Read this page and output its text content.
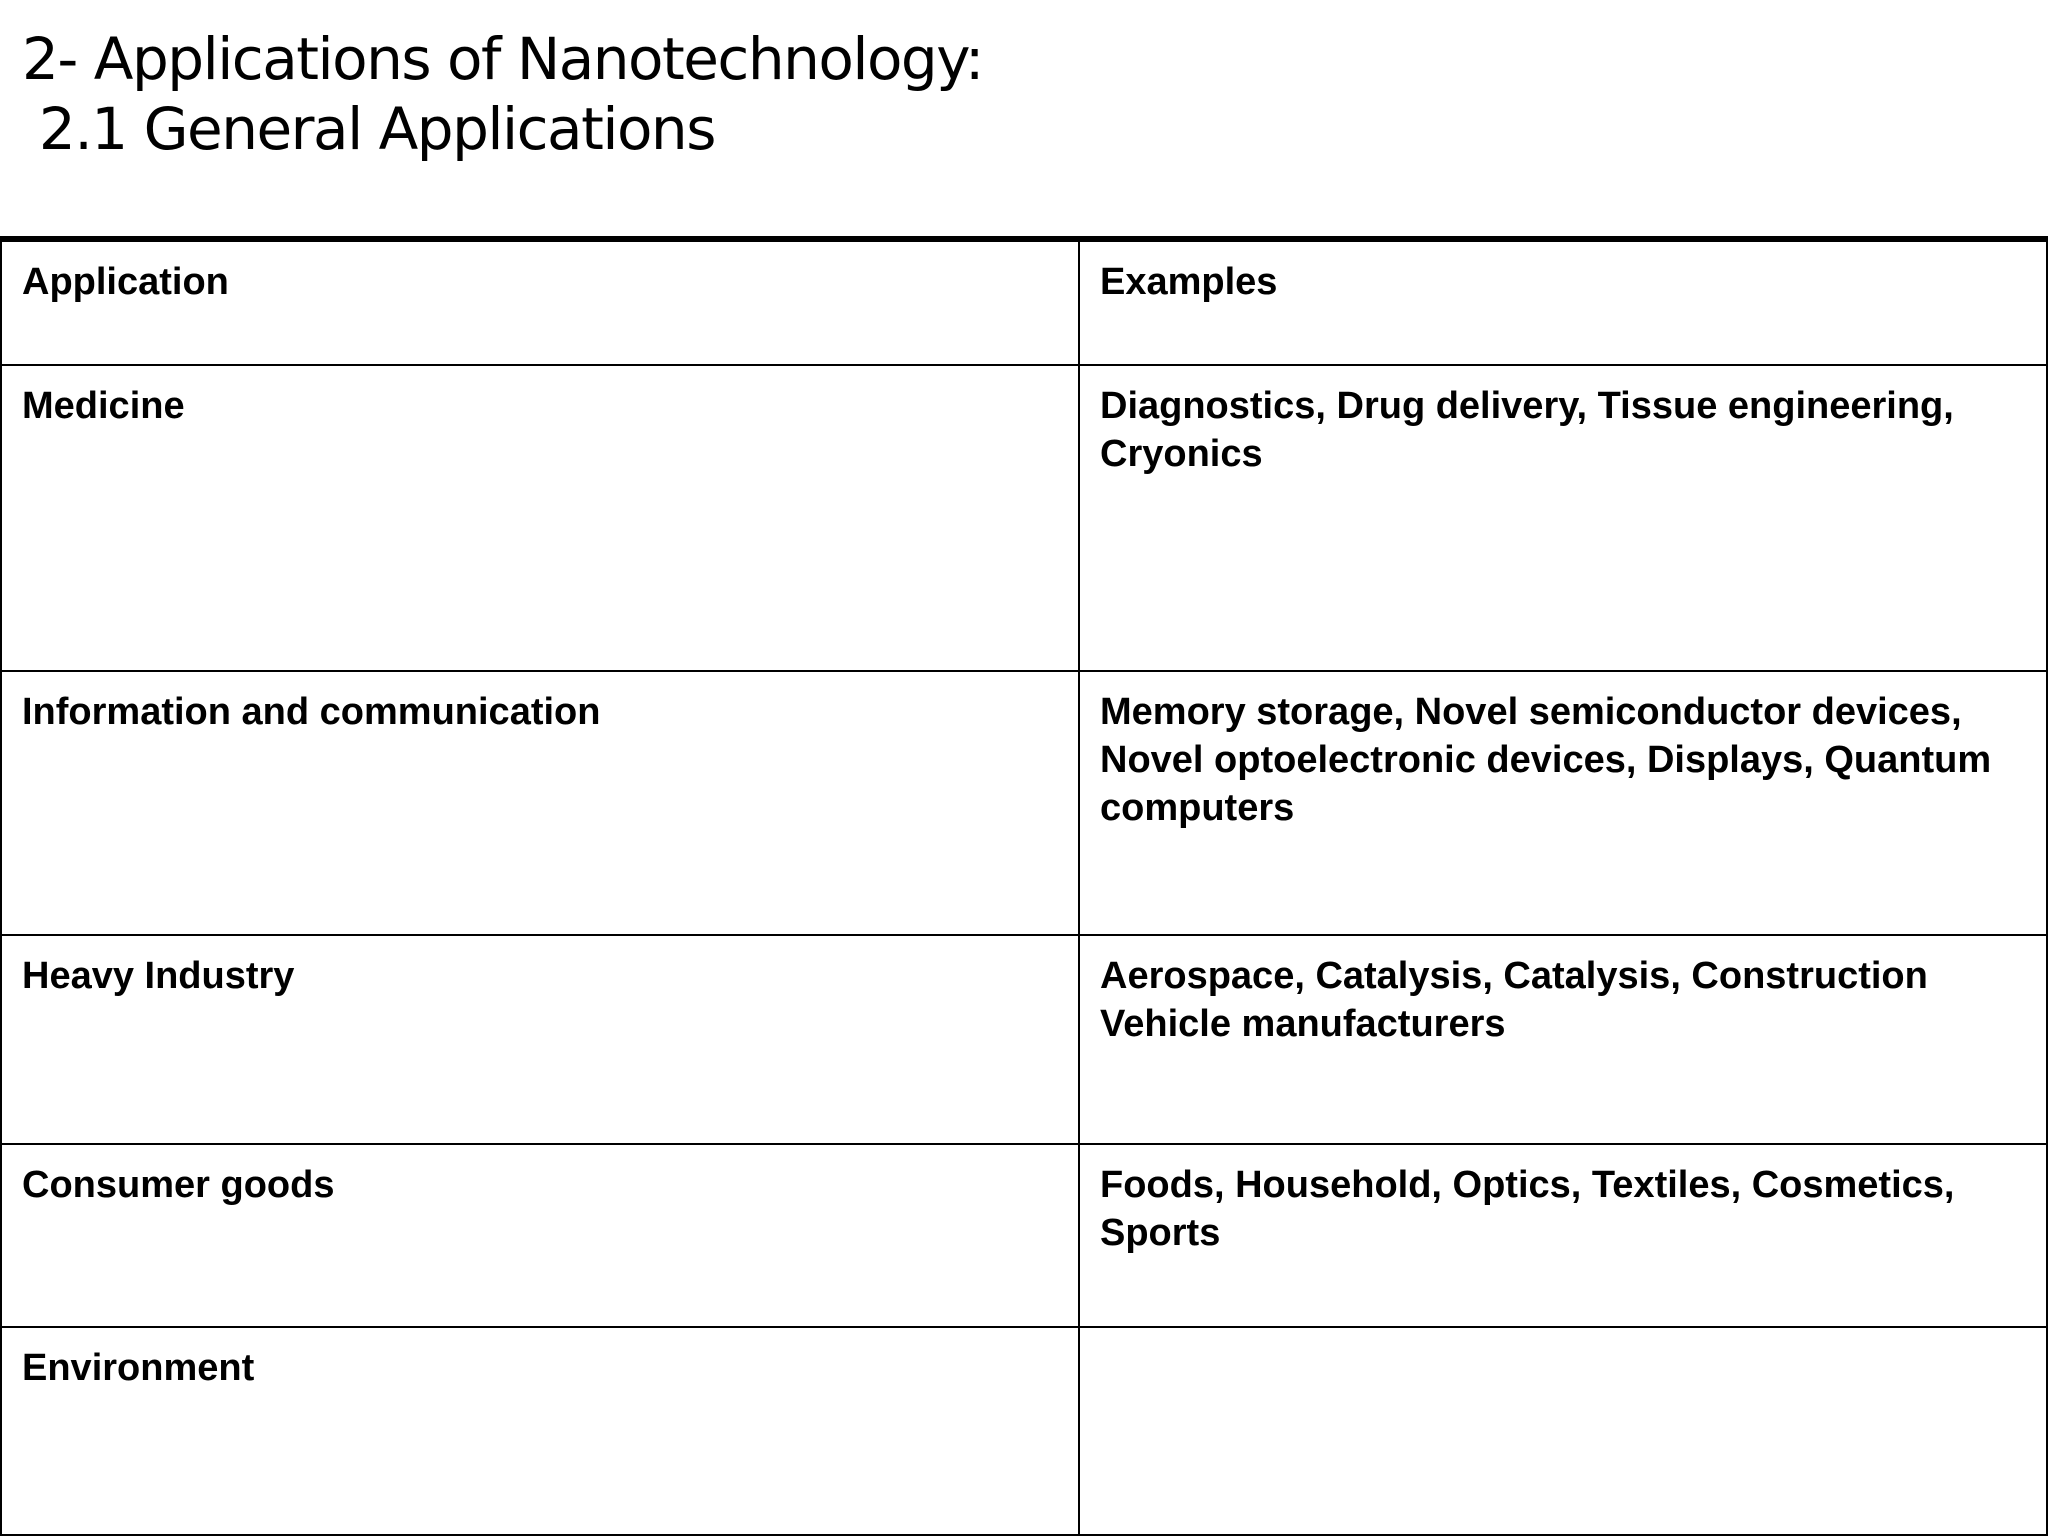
2- Applications of Nanotechnology:
2.1 General Applications
Application	Examples
Medicine	Diagnostics, Drug delivery, Tissue engineering, Cryonics
Information and communication	Memory storage, Novel semiconductor devices, Novel optoelectronic devices, Displays, Quantum computers
Heavy Industry	Aerospace, Catalysis, Catalysis, Construction Vehicle manufacturers
Consumer goods	Foods, Household, Optics, Textiles, Cosmetics, Sports
Environment	
